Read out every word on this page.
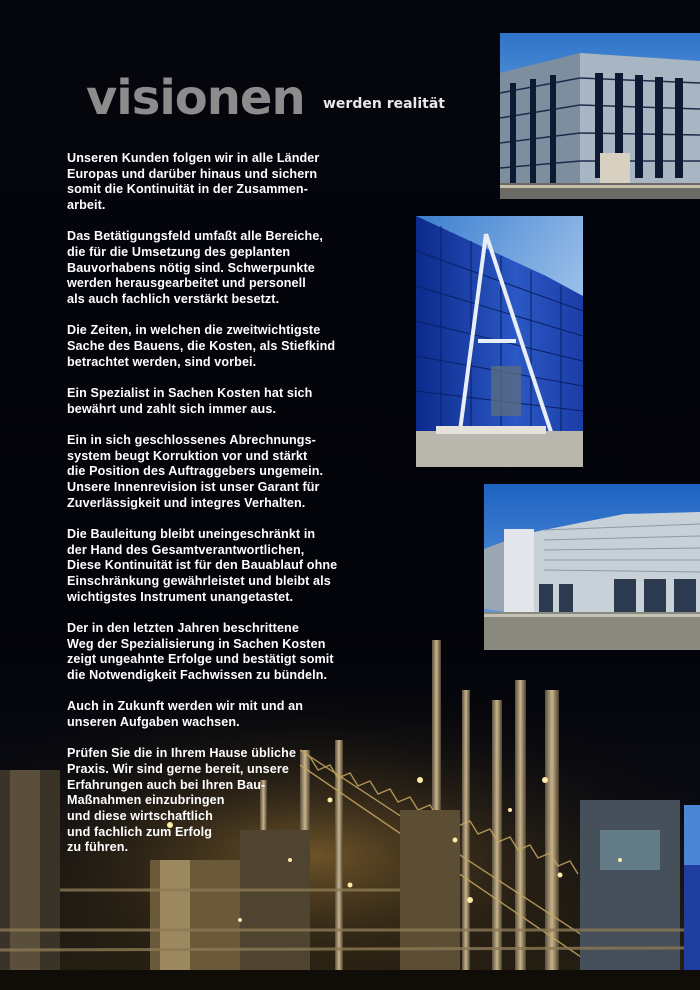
visionen werden realität

Unseren Kunden folgen wir in alle Länder
Europas und darüber hinaus und sichern
somit die Kontinuität in der Zusammen-
arbeit.

Das Betätigungsfeld umfaßt alle Bereiche,
die für die Umsetzung des geplanten
Bauvorhabens nötig sind. Schwerpunkte
werden herausgearbeitet und personell
als auch fachlich verstärkt besetzt.

Die Zeiten, in welchen die zweitwichtigste
Sache des Bauens, die Kosten, als Stiefkind
betrachtet werden, sind vorbei.

Ein Spezialist in Sachen Kosten hat sich
bewährt und zahlt sich immer aus.

Ein in sich geschlossenes Abrechnungs-
system beugt Korruktion vor und stärkt
die Position des Auftraggebers ungemein.
Unsere Innenrevision ist unser Garant für
Zuverlässigkeit und integres Verhalten.

Die Bauleitung bleibt uneingeschränkt in
der Hand des Gesamtverantwortlichen,
Diese Kontinuität ist für den Bauablauf ohne
Einschränkung gewährleistet und bleibt als
wichtigstes Instrument unangetastet.

Der in den letzten Jahren beschrittene
Weg der Spezialisierung in Sachen Kosten
zeigt ungeahnte Erfolge und bestätigt somit
die Notwendigkeit Fachwissen zu bündeln.

Auch in Zukunft werden wir mit und an
unseren Aufgaben wachsen.

Prüfen Sie die in Ihrem Hause übliche
Praxis. Wir sind gerne bereit, unsere
Erfahrungen auch bei Ihren Bau-
Maßnahmen einzubringen
und diese wirtschaftlich
und fachlich zum Erfolg
zu führen.
